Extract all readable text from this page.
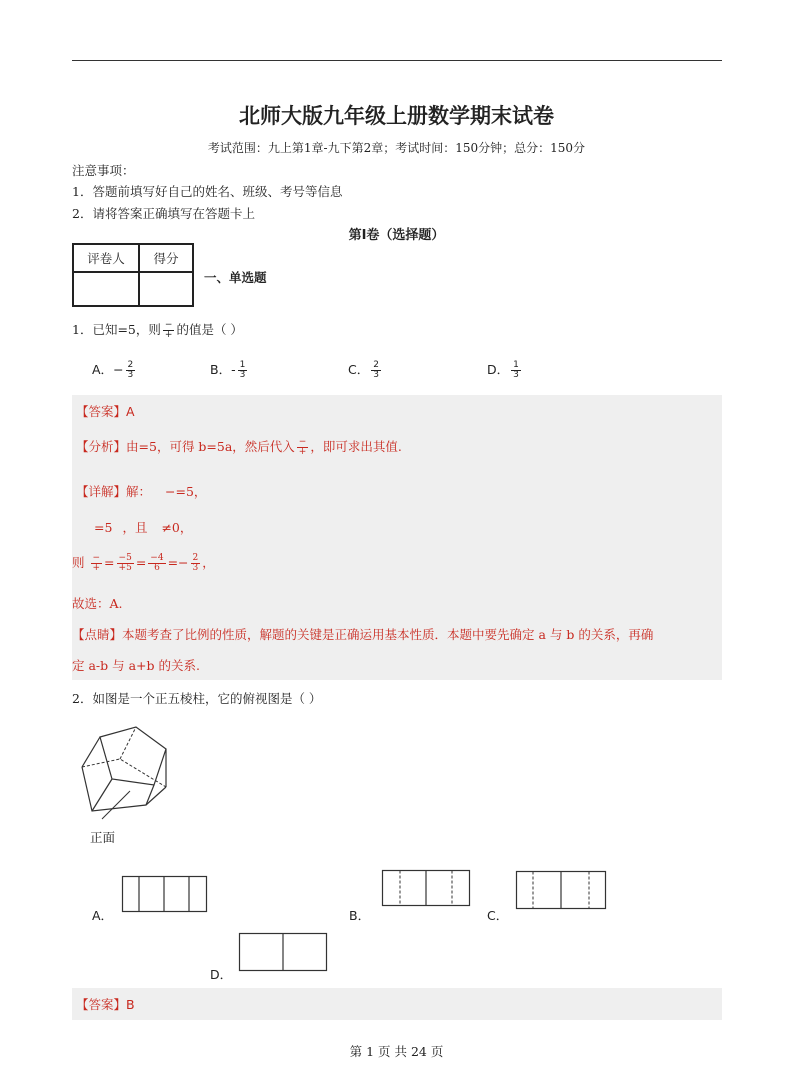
北师大版九年级上册数学期末试卷
考试范围：九上第1章-九下第2章；考试时间：150分钟；总分：150分
注意事项：
1．答题前填写好自己的姓名、班级、考号等信息
2．请将答案正确填写在答题卡上
第I卷（选择题）
评卷人	得分

一、单选题
1．已知=5，则 $\frac{-}{+}$ 的值是（ ）
A．− $\frac{2}{3}$	B．- $\frac{1}{3}$	C． $\frac{2}{3}$	D． $\frac{1}{3}$
【答案】A
【分析】由=5，可得 b=5a，然后代入 $\frac{-}{+}$ ，即可求出其值.
【详解】解： −=5，
=5 ，且 ≠0，
则 $\frac{-}{+} = \frac{-5}{+5} = \frac{-4}{6} =- \frac{2}{3}$ ，
故选：A.
【点睛】本题考查了比例的性质，解题的关键是正确运用基本性质．本题中要先确定 a 与 b 的关系，再确
定 a-b 与 a+b 的关系.
2．如图是一个正五棱柱，它的俯视图是（ ）
正面
A．	B．	C．
D．
【答案】B
第 1 页 共 24 页
